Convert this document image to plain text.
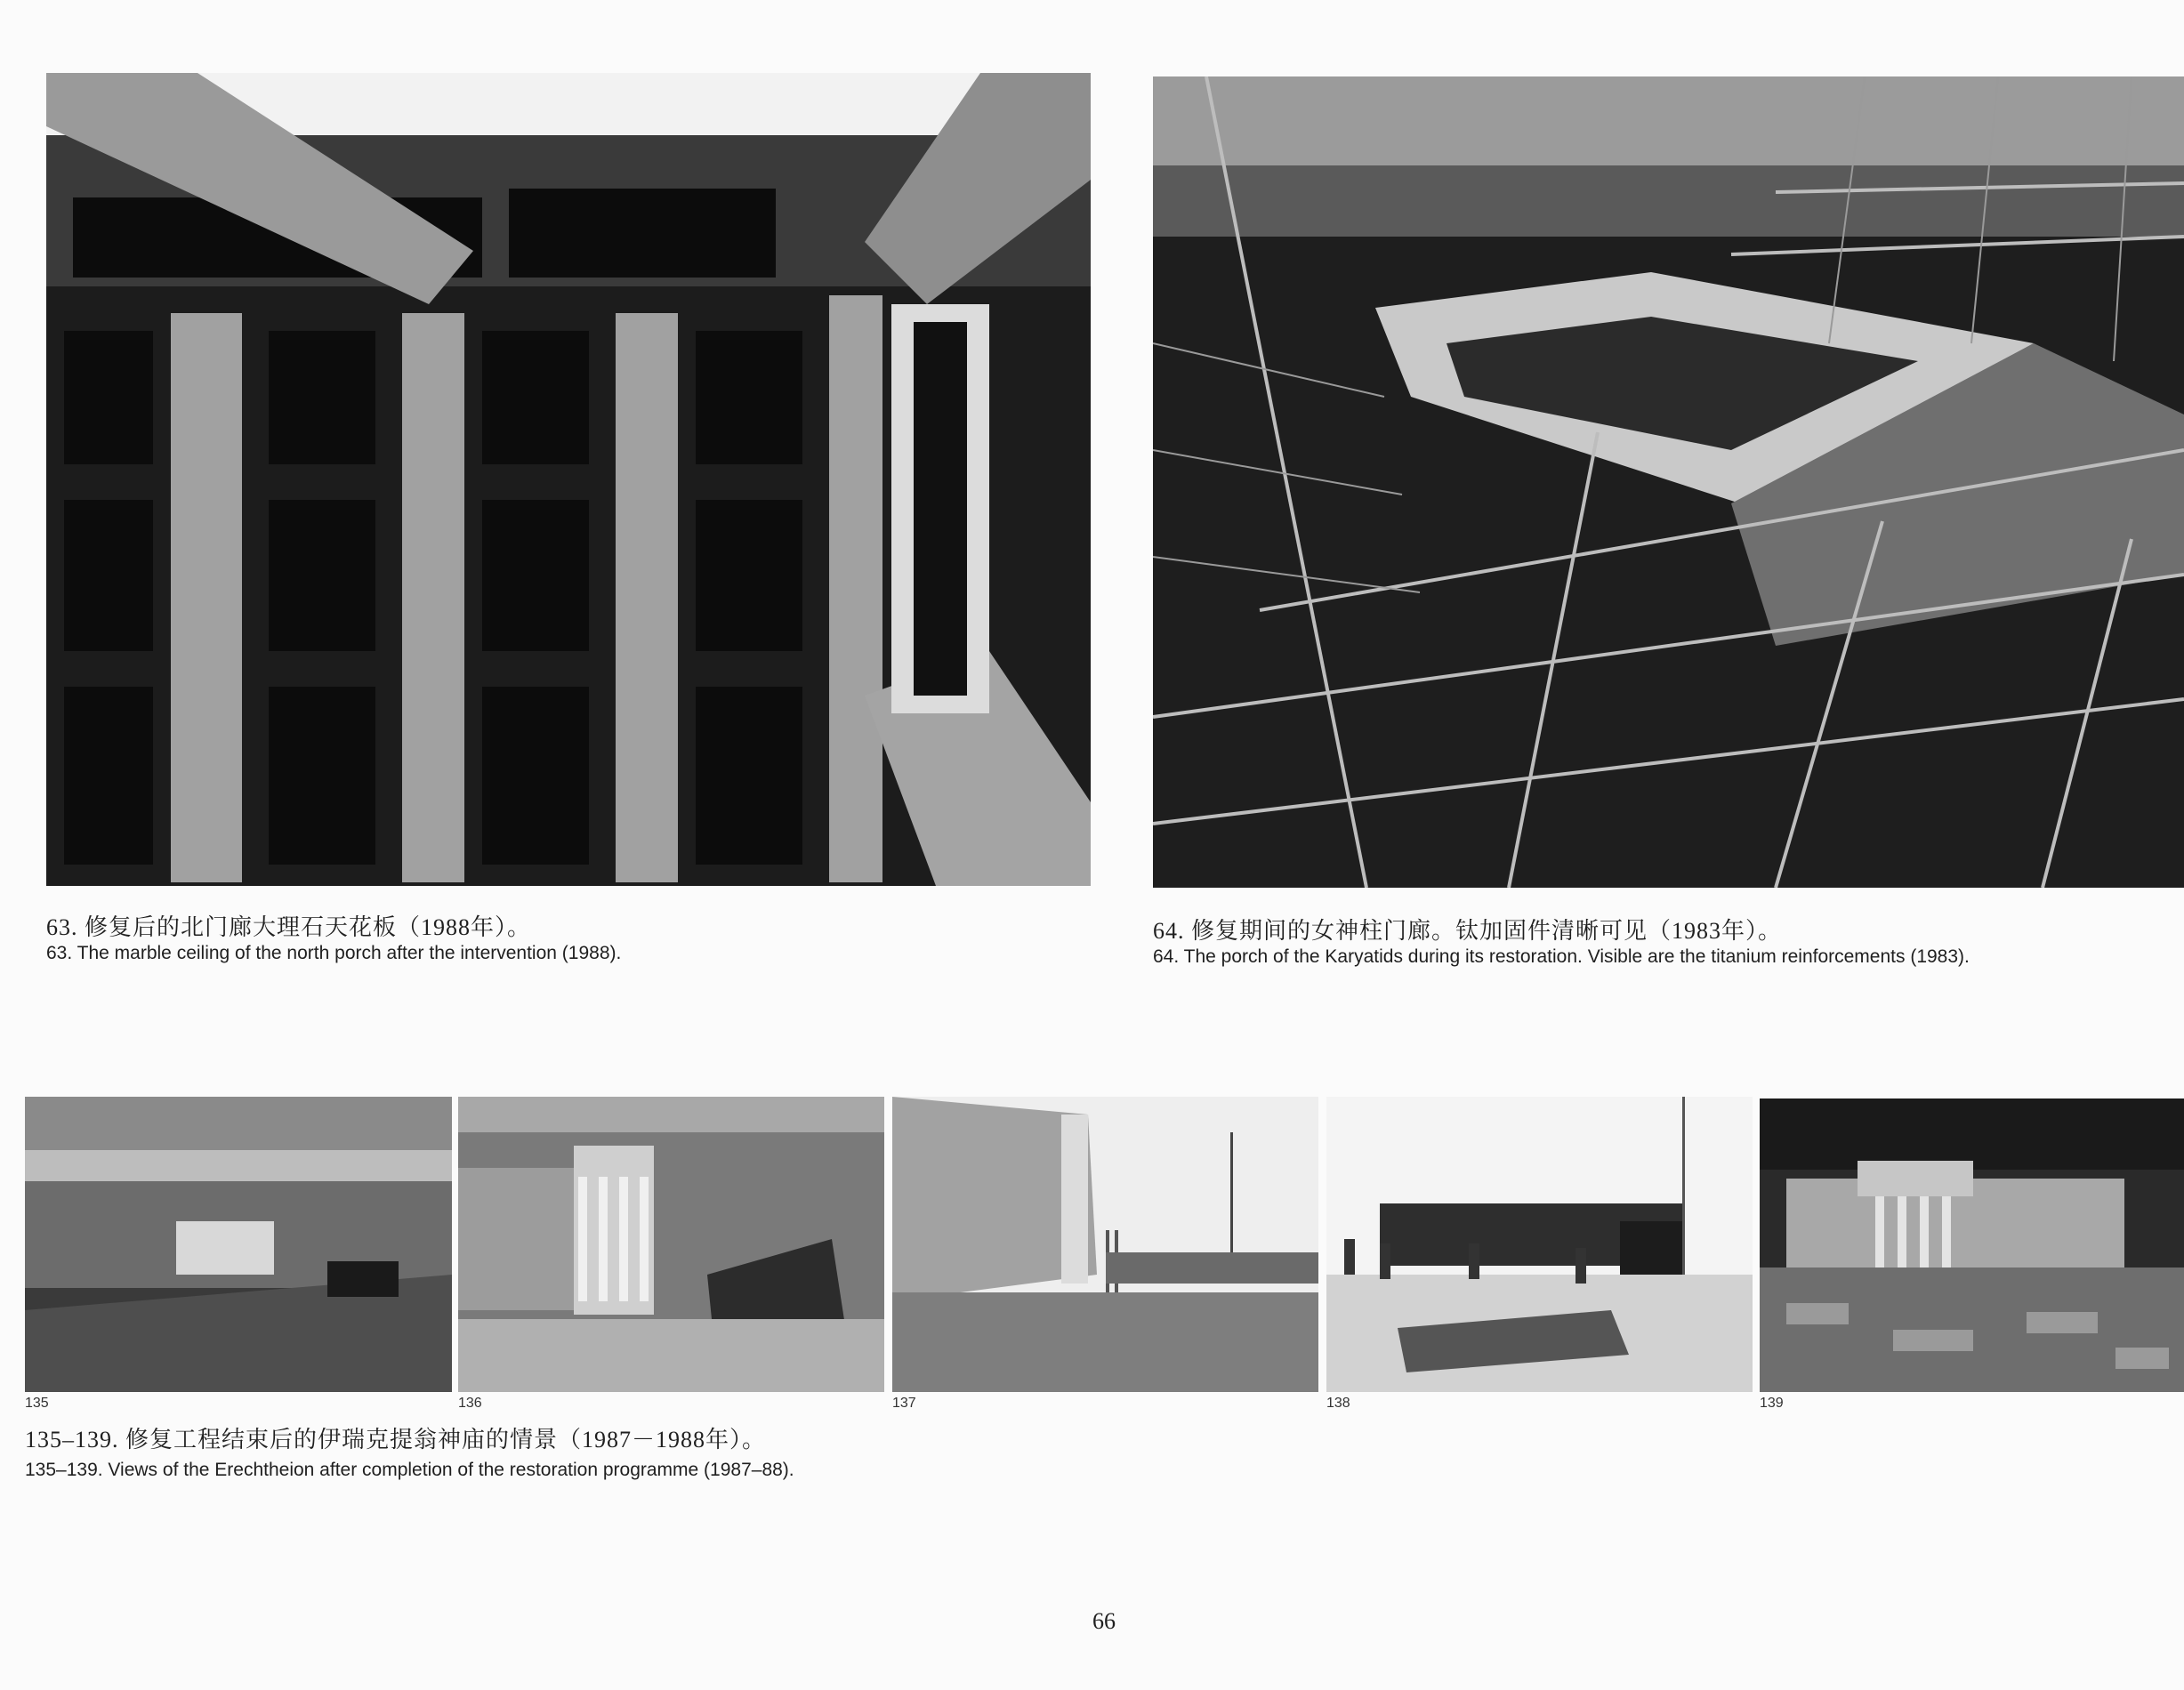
63. 修复后的北门廊大理石天花板（1988年）。
63. The marble ceiling of the north porch after the intervention (1988).
64. 修复期间的女神柱门廊。钛加固件清晰可见（1983年）。
64. The porch of the Karyatids during its restoration. Visible are the titanium reinforcements (1983).
135	136	137	138	139
135–139. 修复工程结束后的伊瑞克提翁神庙的情景（1987－1988年）。
135–139. Views of the Erechtheion after completion of the restoration programme (1987–88).
66
